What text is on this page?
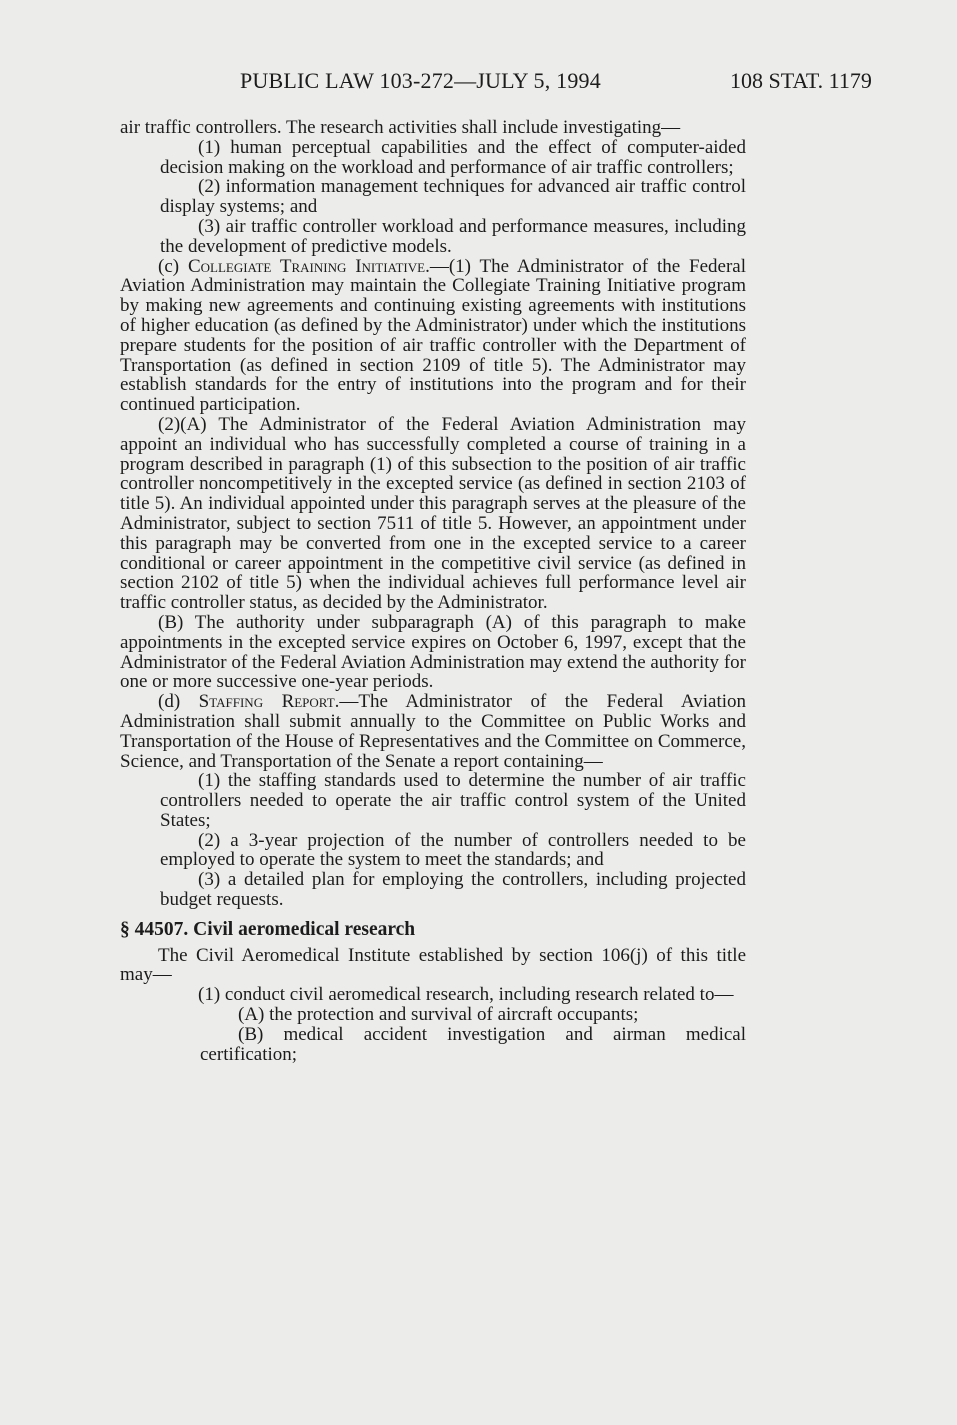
PUBLIC LAW 103-272—JULY 5, 1994	108 STAT. 1179

air traffic controllers. The research activities shall include investigating—

(1) human perceptual capabilities and the effect of computer-aided decision making on the workload and performance of air traffic controllers;

(2) information management techniques for advanced air traffic control display systems; and

(3) air traffic controller workload and performance measures, including the development of predictive models.

(c) Collegiate Training Initiative.—(1) The Administrator of the Federal Aviation Administration may maintain the Collegiate Training Initiative program by making new agreements and continuing existing agreements with institutions of higher education (as defined by the Administrator) under which the institutions prepare students for the position of air traffic controller with the Department of Transportation (as defined in section 2109 of title 5). The Administrator may establish standards for the entry of institutions into the program and for their continued participation.

(2)(A) The Administrator of the Federal Aviation Administration may appoint an individual who has successfully completed a course of training in a program described in paragraph (1) of this subsection to the position of air traffic controller noncompetitively in the excepted service (as defined in section 2103 of title 5). An individual appointed under this paragraph serves at the pleasure of the Administrator, subject to section 7511 of title 5. However, an appointment under this paragraph may be converted from one in the excepted service to a career conditional or career appointment in the competitive civil service (as defined in section 2102 of title 5) when the individual achieves full performance level air traffic controller status, as decided by the Administrator.

(B) The authority under subparagraph (A) of this paragraph to make appointments in the excepted service expires on October 6, 1997, except that the Administrator of the Federal Aviation Administration may extend the authority for one or more successive one-year periods.

(d) Staffing Report.—The Administrator of the Federal Aviation Administration shall submit annually to the Committee on Public Works and Transportation of the House of Representatives and the Committee on Commerce, Science, and Transportation of the Senate a report containing—

(1) the staffing standards used to determine the number of air traffic controllers needed to operate the air traffic control system of the United States;

(2) a 3-year projection of the number of controllers needed to be employed to operate the system to meet the standards; and

(3) a detailed plan for employing the controllers, including projected budget requests.

§ 44507. Civil aeromedical research

The Civil Aeromedical Institute established by section 106(j) of this title may—

(1) conduct civil aeromedical research, including research related to—

(A) the protection and survival of aircraft occupants;

(B) medical accident investigation and airman medical certification;
